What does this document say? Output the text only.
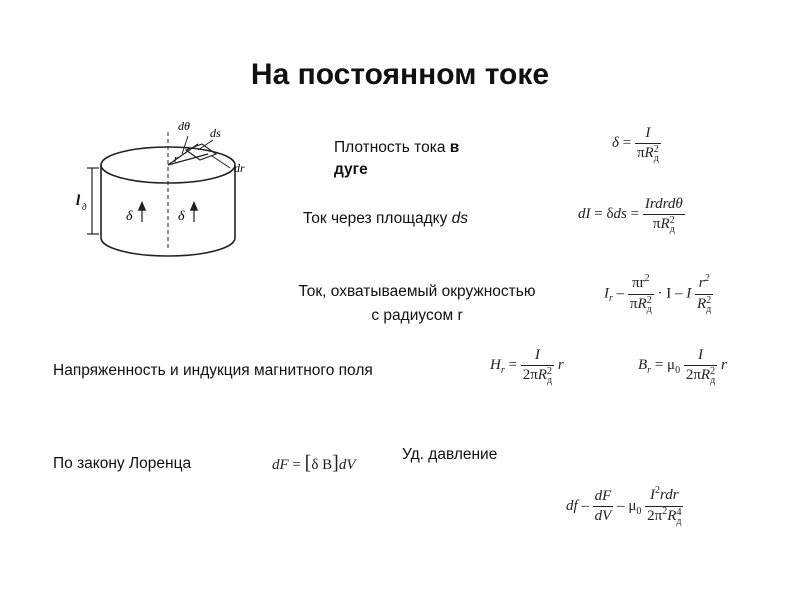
На постоянном токе
dθ ds
dr
r
l д
δ	δ
Плотность тока в
дуге
δ = I
πR 2
д
Ток через площадку ds	dI = δds = Irdrdθ
πR 2
д
Ток, охватываемый окружностью
с радиусом r
$I_r - \pi r^2$
πR 2
д · I – I $r^2$
R 2
д
Напряженность и индукция магнитного поля	$H_r = I$
2πR 2
д r	$B_r = \mu_0$ I
2πR 2
д r
По закону Лоренца	dF = [δ B]dV
Уд. давление
df – $\frac{dF}{dV} - \mu_0$ $I^2rdr$
$2\pi^2R$ 4
д
